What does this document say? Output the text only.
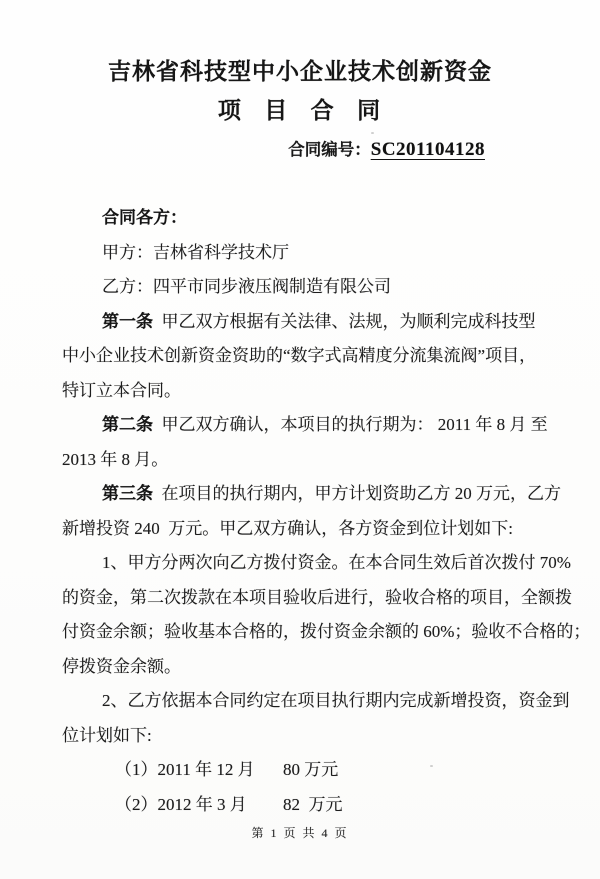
吉林省科技型中小企业技术创新资金
项 目 合 同
合同编号：SC201104128
合同各方：
甲方：吉林省科学技术厅
乙方：四平市同步液压阀制造有限公司
第一条  甲乙双方根据有关法律、法规，为顺利完成科技型
中小企业技术创新资金资助的“数字式高精度分流集流阀”项目，
特订立本合同。
第二条  甲乙双方确认，本项目的执行期为： 2011 年 8 月 至
2013 年 8 月。
第三条  在项目的执行期内，甲方计划资助乙方 20 万元，乙方
新增投资 240  万元。甲乙双方确认，各方资金到位计划如下:
1、甲方分两次向乙方拨付资金。在本合同生效后首次拨付 70%
的资金，第二次拨款在本项目验收后进行，验收合格的项目，全额拨
付资金余额；验收基本合格的，拨付资金余额的 60%；验收不合格的；
停拨资金余额。
2、乙方依据本合同约定在项目执行期内完成新增投资，资金到
位计划如下:
（1）2011 年 12 月	80 万元
（2）2012 年 3 月	82  万元
第 1 页 共 4 页
